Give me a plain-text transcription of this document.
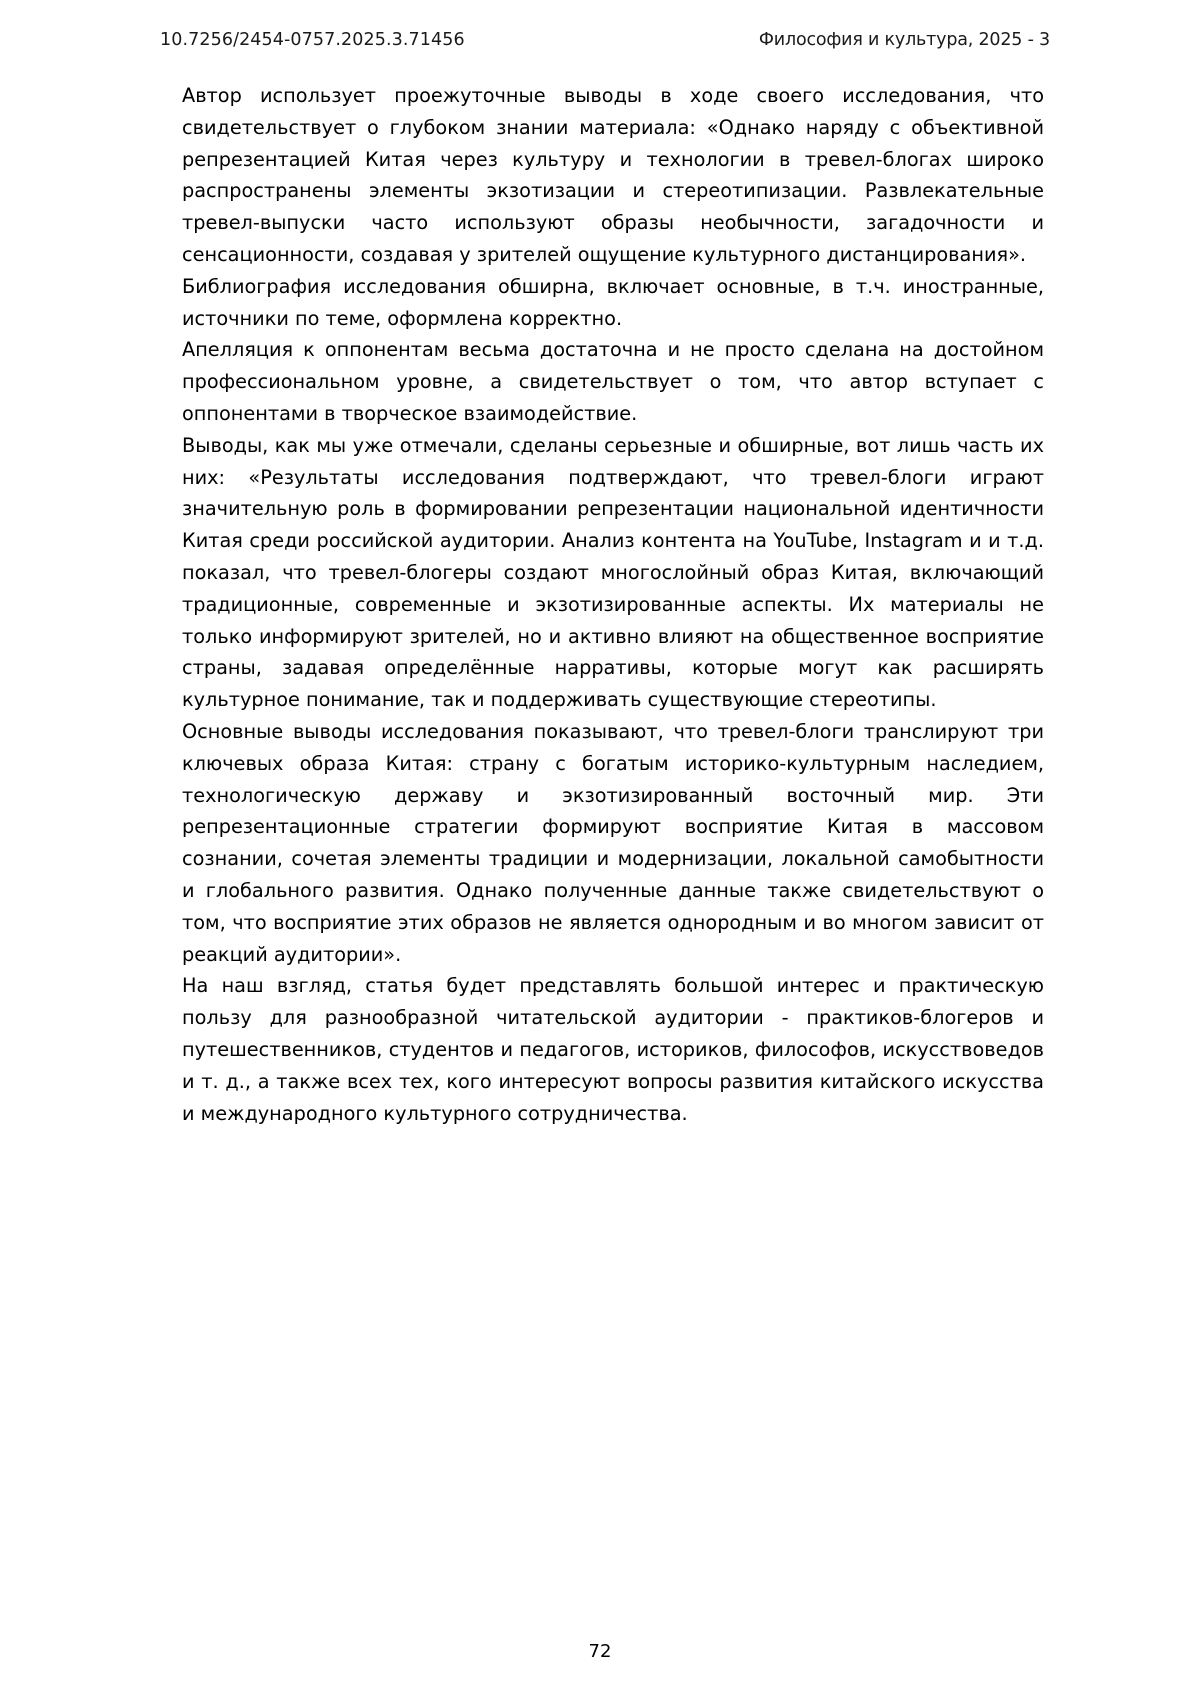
10.7256/2454-0757.2025.3.71456	Философия и культура, 2025 - 3

Автор использует проежуточные выводы в ходе своего исследования, что свидетельствует о глубоком знании материала: «Однако наряду с объективной репрезентацией Китая через культуру и технологии в тревел-блогах широко распространены элементы экзотизации и стереотипизации. Развлекательные тревел-выпуски часто используют образы необычности, загадочности и сенсационности, создавая у зрителей ощущение культурного дистанцирования».

Библиография исследования обширна, включает основные, в т.ч. иностранные, источники по теме, оформлена корректно.

Апелляция к оппонентам весьма достаточна и не просто сделана на достойном профессиональном уровне, а свидетельствует о том, что автор вступает с оппонентами в творческое взаимодействие.

Выводы, как мы уже отмечали, сделаны серьезные и обширные, вот лишь часть их них: «Результаты исследования подтверждают, что тревел-блоги играют значительную роль в формировании репрезентации национальной идентичности Китая среди российской аудитории. Анализ контента на YouTube, Instagram и и т.д. показал, что тревел-блогеры создают многослойный образ Китая, включающий традиционные, современные и экзотизированные аспекты. Их материалы не только информируют зрителей, но и активно влияют на общественное восприятие страны, задавая определённые нарративы, которые могут как расширять культурное понимание, так и поддерживать существующие стереотипы.

Основные выводы исследования показывают, что тревел-блоги транслируют три ключевых образа Китая: страну с богатым историко-культурным наследием, технологическую державу и экзотизированный восточный мир. Эти репрезентационные стратегии формируют восприятие Китая в массовом сознании, сочетая элементы традиции и модернизации, локальной самобытности и глобального развития. Однако полученные данные также свидетельствуют о том, что восприятие этих образов не является однородным и во многом зависит от реакций аудитории».

На наш взгляд, статья будет представлять большой интерес и практическую пользу для разнообразной читательской аудитории - практиков-блогеров и путешественников, студентов и педагогов, историков, философов, искусствоведов и т. д., а также всех тех, кого интересуют вопросы развития китайского искусства и международного культурного сотрудничества.

72
